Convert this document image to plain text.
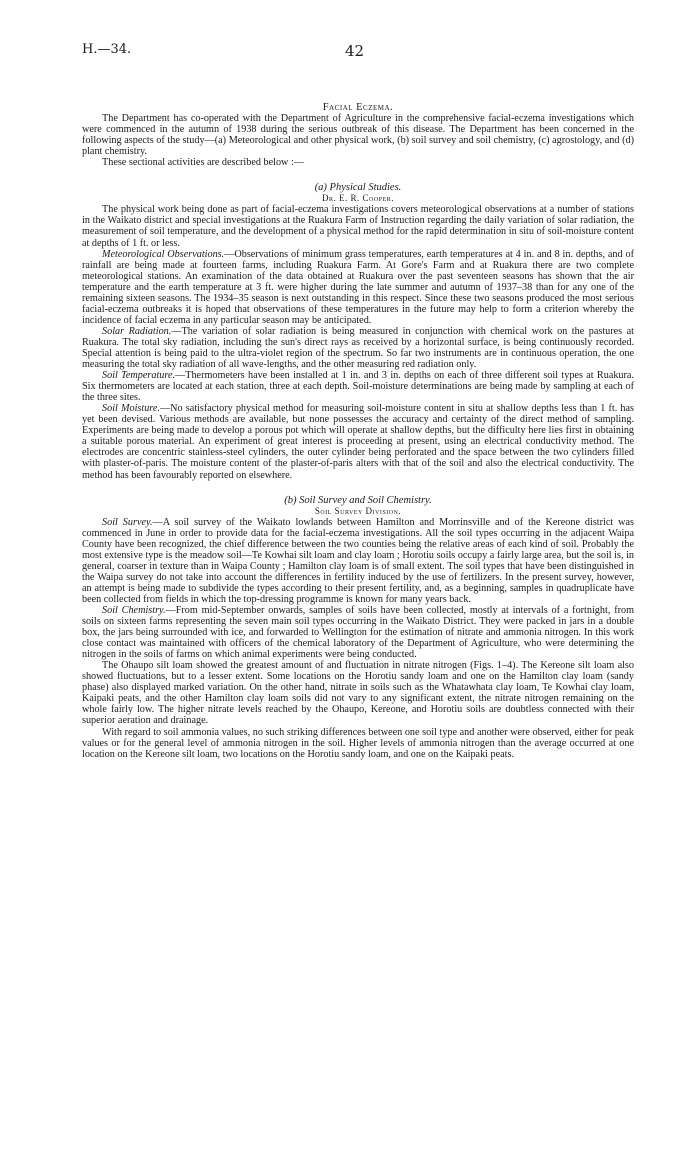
H.—34.	42

Facial Eczema.

The Department has co-operated with the Department of Agriculture in the comprehensive facial-eczema investigations which were commenced in the autumn of 1938 during the serious outbreak of this disease. The Department has been concerned in the following aspects of the study—(a) Meteorological and other physical work, (b) soil survey and soil chemistry, (c) agrostology, and (d) plant chemistry.

These sectional activities are described below :—

(a) Physical Studies.

Dr. E. R. Cooper.

The physical work being done as part of facial-eczema investigations covers meteorological observations at a number of stations in the Waikato district and special investigations at the Ruakura Farm of Instruction regarding the daily variation of solar radiation, the measurement of soil temperature, and the development of a physical method for the rapid determination in situ of soil-moisture content at depths of 1 ft. or less.

Meteorological Observations.—Observations of minimum grass temperatures, earth temperatures at 4 in. and 8 in. depths, and of rainfall are being made at fourteen farms, including Ruakura Farm. At Gore's Farm and at Ruakura there are two complete meteorological stations. An examination of the data obtained at Ruakura over the past seventeen seasons has shown that the air temperature and the earth temperature at 3 ft. were higher during the late summer and autumn of 1937–38 than for any one of the remaining sixteen seasons. The 1934–35 season is next outstanding in this respect. Since these two seasons produced the most serious facial-eczema outbreaks it is hoped that observations of these temperatures in the future may help to form a criterion whereby the incidence of facial eczema in any particular season may be anticipated.

Solar Radiation.—The variation of solar radiation is being measured in conjunction with chemical work on the pastures at Ruakura. The total sky radiation, including the sun's direct rays as received by a horizontal surface, is being continuously recorded. Special attention is being paid to the ultra-violet region of the spectrum. So far two instruments are in continuous operation, the one measuring the total sky radiation of all wave-lengths, and the other measuring red radiation only.

Soil Temperature.—Thermometers have been installed at 1 in. and 3 in. depths on each of three different soil types at Ruakura. Six thermometers are located at each station, three at each depth. Soil-moisture determinations are being made by sampling at each of the three sites.

Soil Moisture.—No satisfactory physical method for measuring soil-moisture content in situ at shallow depths less than 1 ft. has yet been devised. Various methods are available, but none possesses the accuracy and certainty of the direct method of sampling. Experiments are being made to develop a porous pot which will operate at shallow depths, but the difficulty here lies first in obtaining a suitable porous material. An experiment of great interest is proceeding at present, using an electrical conductivity method. The electrodes are concentric stainless-steel cylinders, the outer cylinder being perforated and the space between the two cylinders filled with plaster-of-paris. The moisture content of the plaster-of-paris alters with that of the soil and also the electrical conductivity. The method has been favourably reported on elsewhere.

(b) Soil Survey and Soil Chemistry.

Soil Survey Division.

Soil Survey.—A soil survey of the Waikato lowlands between Hamilton and Morrinsville and of the Kereone district was commenced in June in order to provide data for the facial-eczema investigations. All the soil types occurring in the adjacent Waipa County have been recognized, the chief difference between the two counties being the relative areas of each kind of soil. Probably the most extensive type is the meadow soil—Te Kowhai silt loam and clay loam ; Horotiu soils occupy a fairly large area, but the soil is, in general, coarser in texture than in Waipa County ; Hamilton clay loam is of small extent. The soil types that have been distinguished in the Waipa survey do not take into account the differences in fertility induced by the use of fertilizers. In the present survey, however, an attempt is being made to subdivide the types according to their present fertility, and, as a beginning, samples in quadruplicate have been collected from fields in which the top-dressing programme is known for many years back.

Soil Chemistry.—From mid-September onwards, samples of soils have been collected, mostly at intervals of a fortnight, from soils on sixteen farms representing the seven main soil types occurring in the Waikato District. They were packed in jars in a double box, the jars being surrounded with ice, and forwarded to Wellington for the estimation of nitrate and ammonia nitrogen. In this work close contact was maintained with officers of the chemical laboratory of the Department of Agriculture, who were determining the nitrogen in the soils of farms on which animal experiments were being conducted.

The Ohaupo silt loam showed the greatest amount of and fluctuation in nitrate nitrogen (Figs. 1–4). The Kereone silt loam also showed fluctuations, but to a lesser extent. Some locations on the Horotiu sandy loam and one on the Hamilton clay loam (sandy phase) also displayed marked variation. On the other hand, nitrate in soils such as the Whatawhata clay loam, Te Kowhai clay loam, Kaipaki peats, and the other Hamilton clay loam soils did not vary to any significant extent, the nitrate nitrogen remaining on the whole fairly low. The higher nitrate levels reached by the Ohaupo, Kereone, and Horotiu soils are doubtless connected with their superior aeration and drainage.

With regard to soil ammonia values, no such striking differences between one soil type and another were observed, either for peak values or for the general level of ammonia nitrogen in the soil. Higher levels of ammonia nitrogen than the average occurred at one location on the Kereone silt loam, two locations on the Horotiu sandy loam, and one on the Kaipaki peats.
